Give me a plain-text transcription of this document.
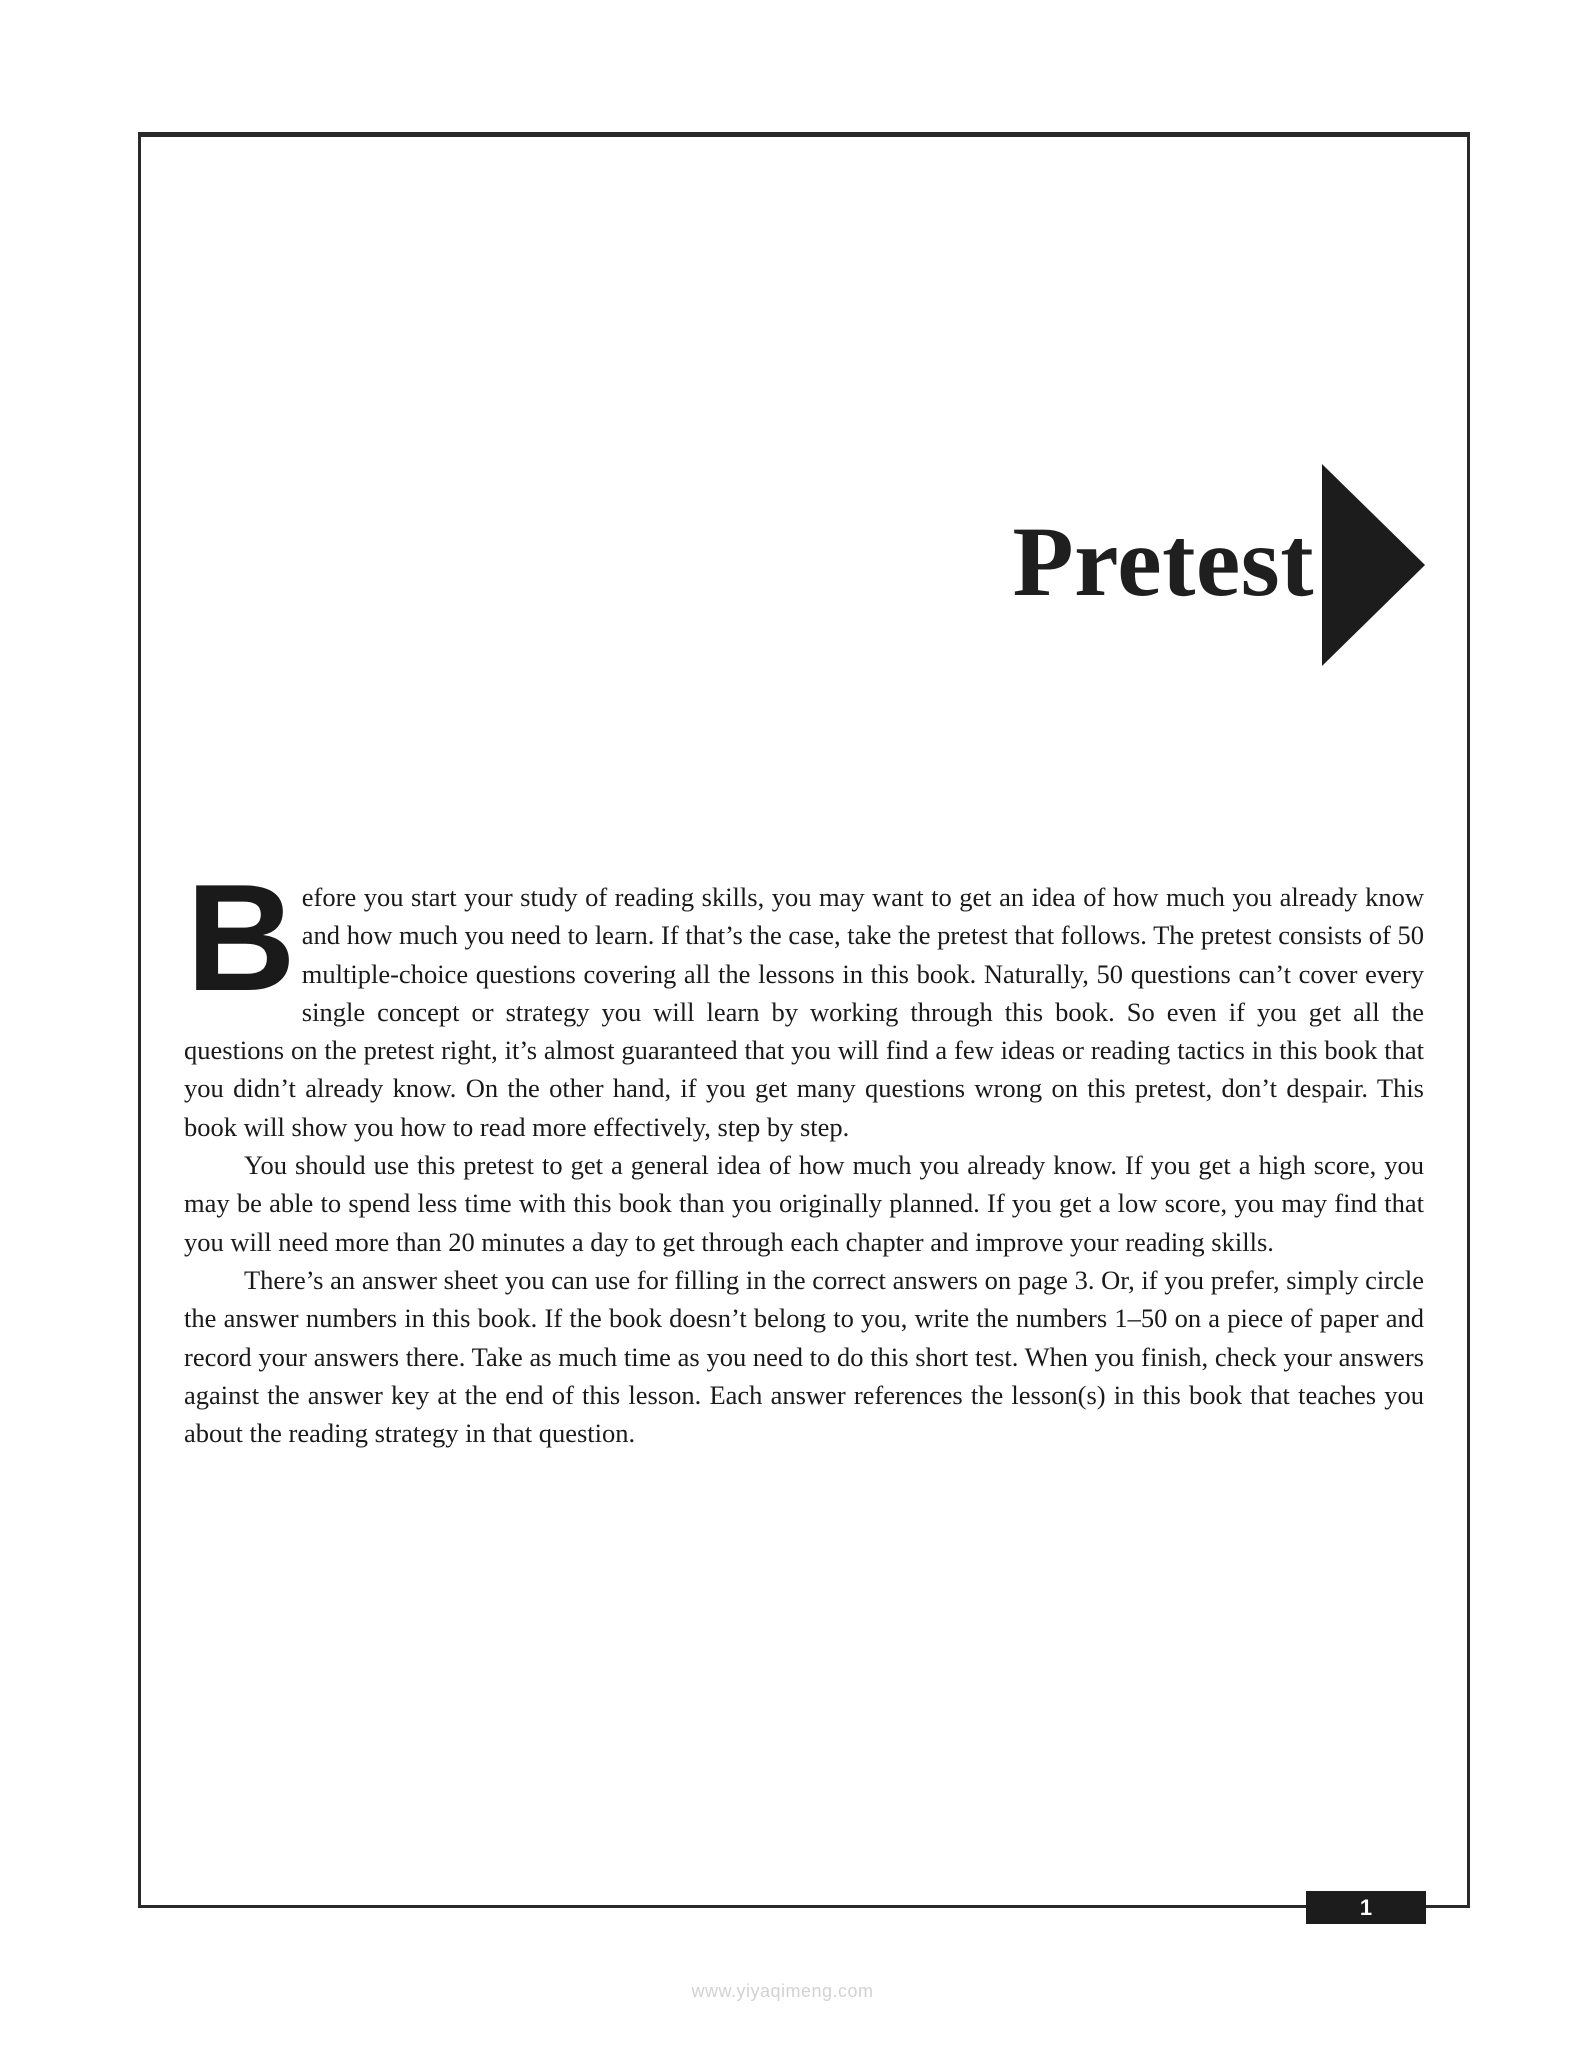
Pretest

Before you start your study of reading skills, you may want to get an idea of how much you already know and how much you need to learn. If that’s the case, take the pretest that follows. The pretest consists of 50 multiple-choice questions covering all the lessons in this book. Naturally, 50 questions can’t cover every single concept or strategy you will learn by working through this book. So even if you get all the questions on the pretest right, it’s almost guaranteed that you will find a few ideas or reading tactics in this book that you didn’t already know. On the other hand, if you get many questions wrong on this pretest, don’t despair. This book will show you how to read more effectively, step by step.

You should use this pretest to get a general idea of how much you already know. If you get a high score, you may be able to spend less time with this book than you originally planned. If you get a low score, you may find that you will need more than 20 minutes a day to get through each chapter and improve your reading skills.

There’s an answer sheet you can use for filling in the correct answers on page 3. Or, if you prefer, simply circle the answer numbers in this book. If the book doesn’t belong to you, write the numbers 1–50 on a piece of paper and record your answers there. Take as much time as you need to do this short test. When you finish, check your answers against the answer key at the end of this lesson. Each answer references the lesson(s) in this book that teaches you about the reading strategy in that question.

1
www.yiyaqimeng.com
